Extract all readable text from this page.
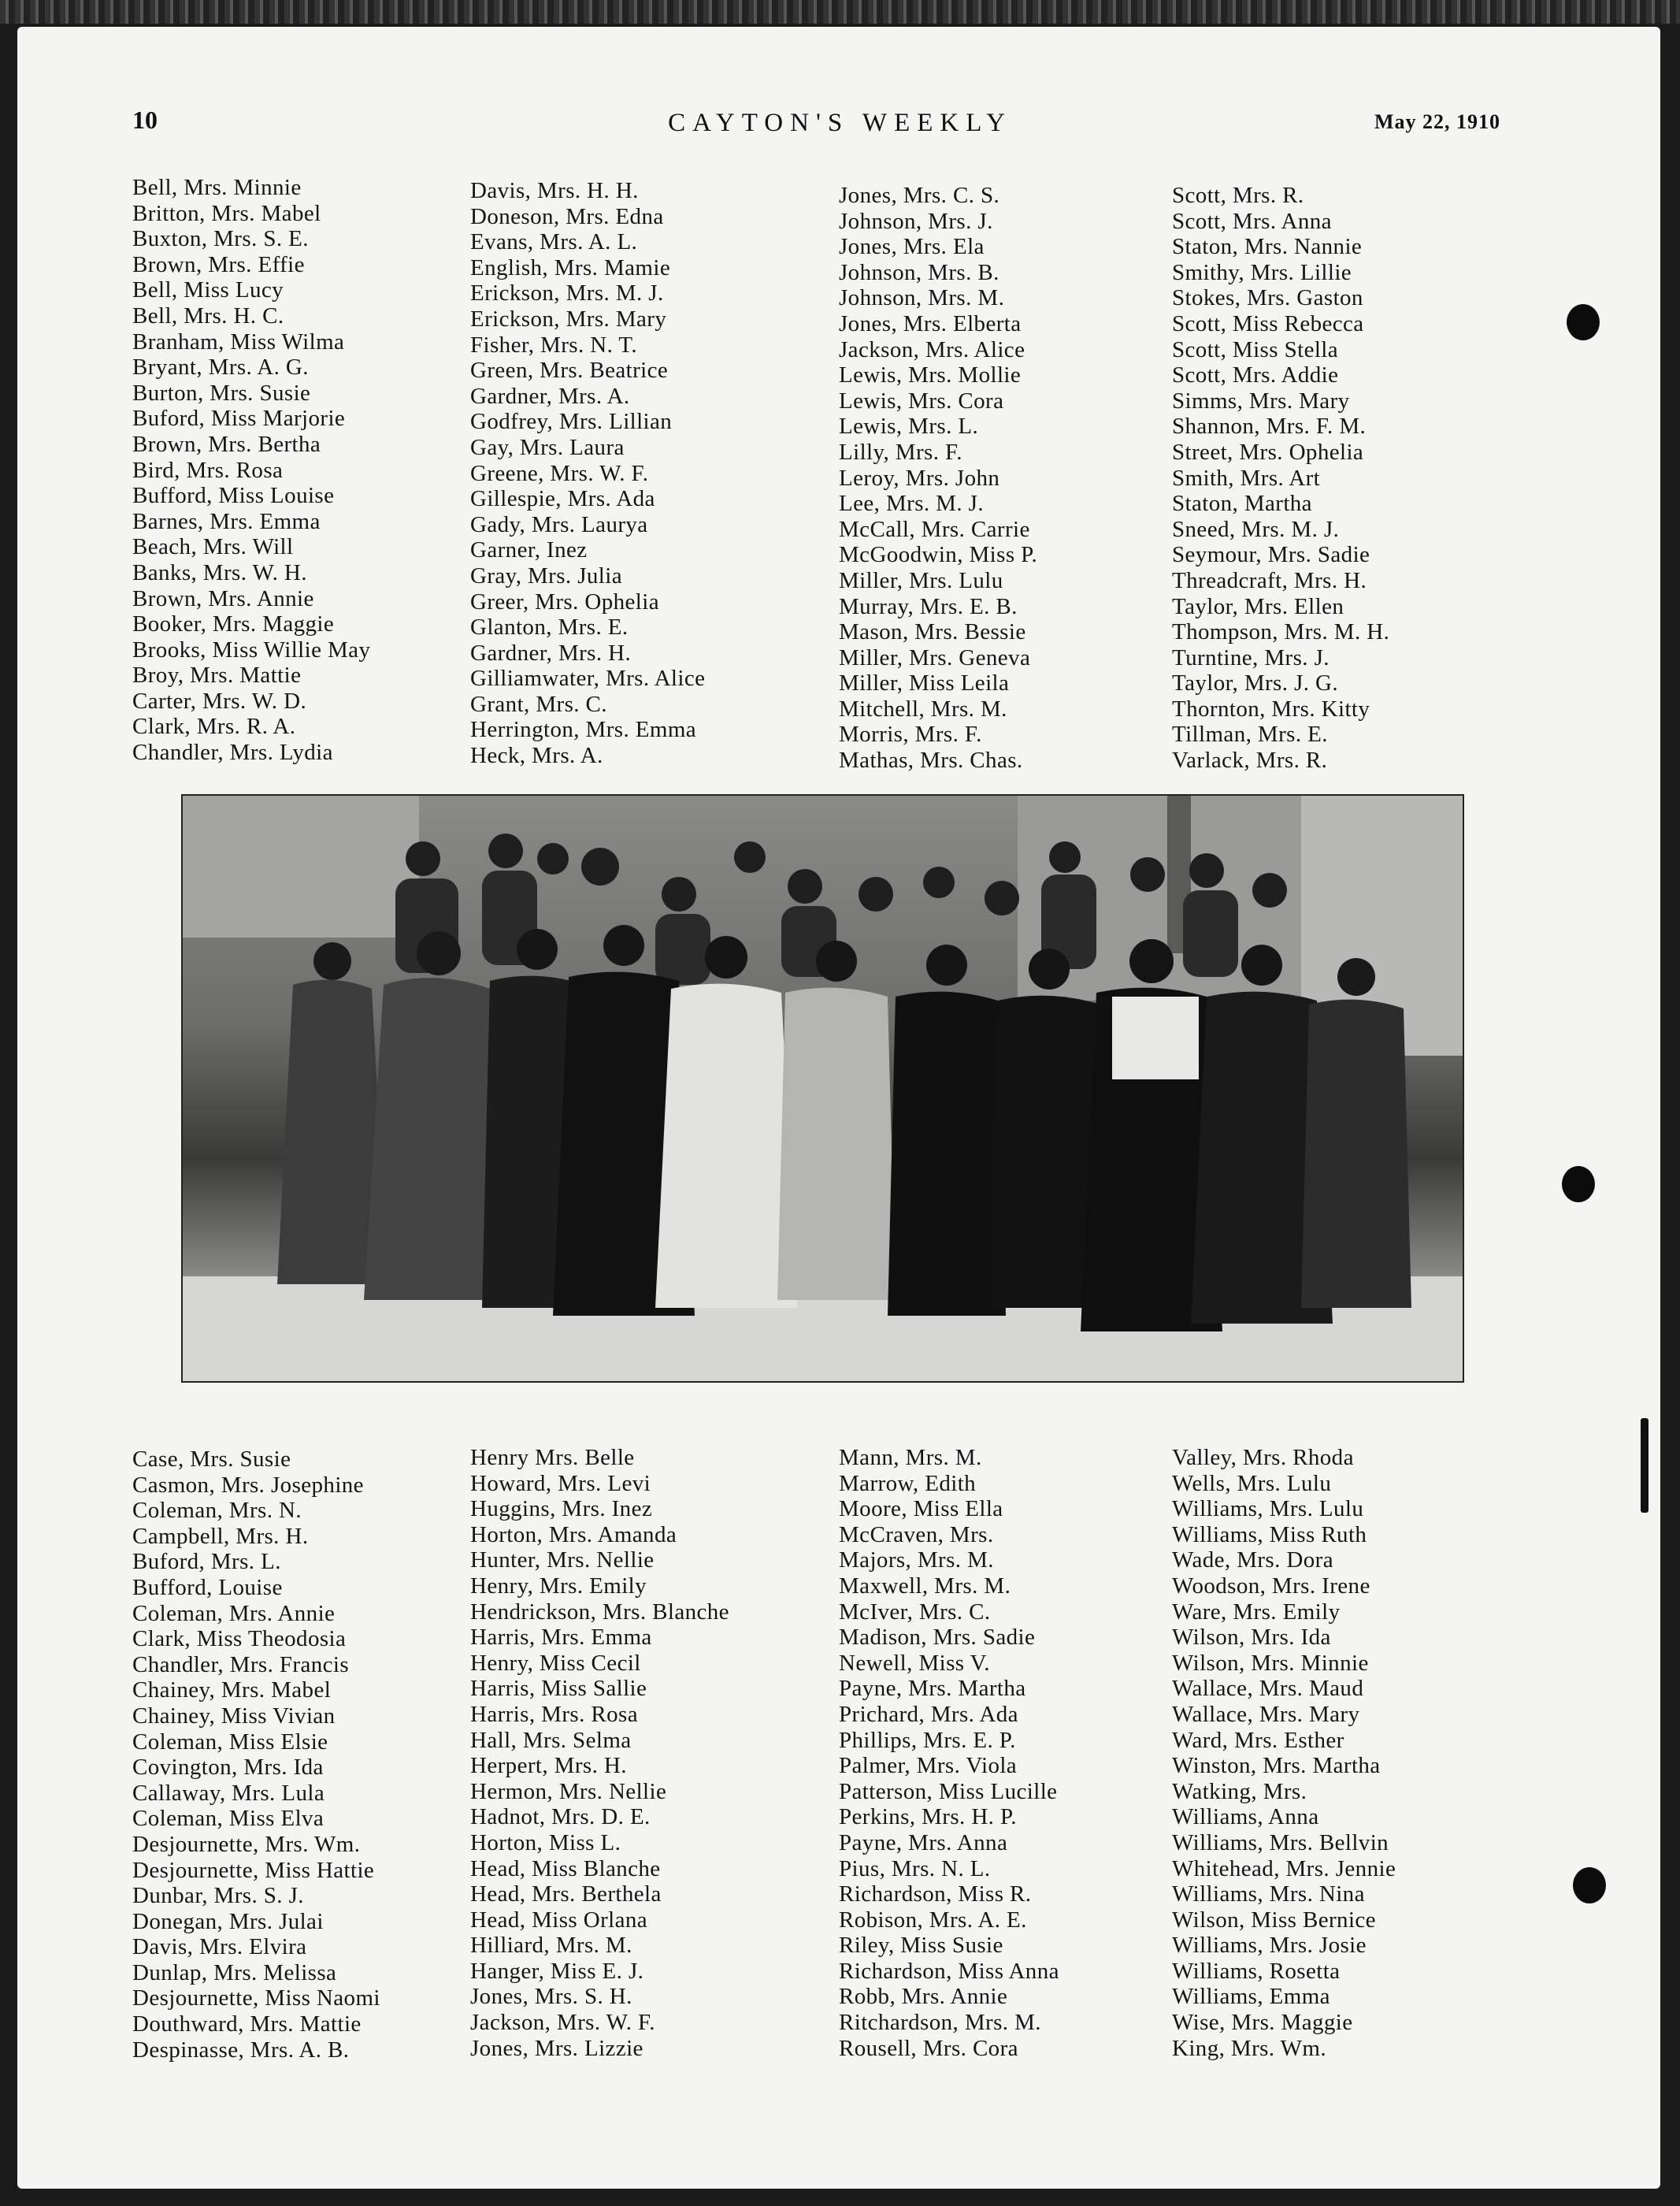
10	CAYTON'S WEEKLY	May 22, 1910
Bell, Mrs. Minnie
Britton, Mrs. Mabel
Buxton, Mrs. S. E.
Brown, Mrs. Effie
Bell, Miss Lucy
Bell, Mrs. H. C.
Branham, Miss Wilma
Bryant, Mrs. A. G.
Burton, Mrs. Susie
Buford, Miss Marjorie
Brown, Mrs. Bertha
Bird, Mrs. Rosa
Bufford, Miss Louise
Barnes, Mrs. Emma
Beach, Mrs. Will
Banks, Mrs. W. H.
Brown, Mrs. Annie
Booker, Mrs. Maggie
Brooks, Miss Willie May
Broy, Mrs. Mattie
Carter, Mrs. W. D.
Clark, Mrs. R. A.
Chandler, Mrs. Lydia
Davis, Mrs. H. H.
Doneson, Mrs. Edna
Evans, Mrs. A. L.
English, Mrs. Mamie
Erickson, Mrs. M. J.
Erickson, Mrs. Mary
Fisher, Mrs. N. T.
Green, Mrs. Beatrice
Gardner, Mrs. A.
Godfrey, Mrs. Lillian
Gay, Mrs. Laura
Greene, Mrs. W. F.
Gillespie, Mrs. Ada
Gady, Mrs. Laurya
Garner, Inez
Gray, Mrs. Julia
Greer, Mrs. Ophelia
Glanton, Mrs. E.
Gardner, Mrs. H.
Gilliamwater, Mrs. Alice
Grant, Mrs. C.
Herrington, Mrs. Emma
Heck, Mrs. A.
Jones, Mrs. C. S.
Johnson, Mrs. J.
Jones, Mrs. Ela
Johnson, Mrs. B.
Johnson, Mrs. M.
Jones, Mrs. Elberta
Jackson, Mrs. Alice
Lewis, Mrs. Mollie
Lewis, Mrs. Cora
Lewis, Mrs. L.
Lilly, Mrs. F.
Leroy, Mrs. John
Lee, Mrs. M. J.
McCall, Mrs. Carrie
McGoodwin, Miss P.
Miller, Mrs. Lulu
Murray, Mrs. E. B.
Mason, Mrs. Bessie
Miller, Mrs. Geneva
Miller, Miss Leila
Mitchell, Mrs. M.
Morris, Mrs. F.
Mathas, Mrs. Chas.
Scott, Mrs. R.
Scott, Mrs. Anna
Staton, Mrs. Nannie
Smithy, Mrs. Lillie
Stokes, Mrs. Gaston
Scott, Miss Rebecca
Scott, Miss Stella
Scott, Mrs. Addie
Simms, Mrs. Mary
Shannon, Mrs. F. M.
Street, Mrs. Ophelia
Smith, Mrs. Art
Staton, Martha
Sneed, Mrs. M. J.
Seymour, Mrs. Sadie
Threadcraft, Mrs. H.
Taylor, Mrs. Ellen
Thompson, Mrs. M. H.
Turntine, Mrs. J.
Taylor, Mrs. J. G.
Thornton, Mrs. Kitty
Tillman, Mrs. E.
Varlack, Mrs. R.
Case, Mrs. Susie
Casmon, Mrs. Josephine
Coleman, Mrs. N.
Campbell, Mrs. H.
Buford, Mrs. L.
Bufford, Louise
Coleman, Mrs. Annie
Clark, Miss Theodosia
Chandler, Mrs. Francis
Chainey, Mrs. Mabel
Chainey, Miss Vivian
Coleman, Miss Elsie
Covington, Mrs. Ida
Callaway, Mrs. Lula
Coleman, Miss Elva
Desjournette, Mrs. Wm.
Desjournette, Miss Hattie
Dunbar, Mrs. S. J.
Donegan, Mrs. Julai
Davis, Mrs. Elvira
Dunlap, Mrs. Melissa
Desjournette, Miss Naomi
Douthward, Mrs. Mattie
Despinasse, Mrs. A. B.
Henry Mrs. Belle
Howard, Mrs. Levi
Huggins, Mrs. Inez
Horton, Mrs. Amanda
Hunter, Mrs. Nellie
Henry, Mrs. Emily
Hendrickson, Mrs. Blanche
Harris, Mrs. Emma
Henry, Miss Cecil
Harris, Miss Sallie
Harris, Mrs. Rosa
Hall, Mrs. Selma
Herpert, Mrs. H.
Hermon, Mrs. Nellie
Hadnot, Mrs. D. E.
Horton, Miss L.
Head, Miss Blanche
Head, Mrs. Berthela
Head, Miss Orlana
Hilliard, Mrs. M.
Hanger, Miss E. J.
Jones, Mrs. S. H.
Jackson, Mrs. W. F.
Jones, Mrs. Lizzie
Mann, Mrs. M.
Marrow, Edith
Moore, Miss Ella
McCraven, Mrs.
Majors, Mrs. M.
Maxwell, Mrs. M.
McIver, Mrs. C.
Madison, Mrs. Sadie
Newell, Miss V.
Payne, Mrs. Martha
Prichard, Mrs. Ada
Phillips, Mrs. E. P.
Palmer, Mrs. Viola
Patterson, Miss Lucille
Perkins, Mrs. H. P.
Payne, Mrs. Anna
Pius, Mrs. N. L.
Richardson, Miss R.
Robison, Mrs. A. E.
Riley, Miss Susie
Richardson, Miss Anna
Robb, Mrs. Annie
Ritchardson, Mrs. M.
Rousell, Mrs. Cora
Valley, Mrs. Rhoda
Wells, Mrs. Lulu
Williams, Mrs. Lulu
Williams, Miss Ruth
Wade, Mrs. Dora
Woodson, Mrs. Irene
Ware, Mrs. Emily
Wilson, Mrs. Ida
Wilson, Mrs. Minnie
Wallace, Mrs. Maud
Wallace, Mrs. Mary
Ward, Mrs. Esther
Winston, Mrs. Martha
Watking, Mrs.
Williams, Anna
Williams, Mrs. Bellvin
Whitehead, Mrs. Jennie
Williams, Mrs. Nina
Wilson, Miss Bernice
Williams, Mrs. Josie
Williams, Rosetta
Williams, Emma
Wise, Mrs. Maggie
King, Mrs. Wm.
